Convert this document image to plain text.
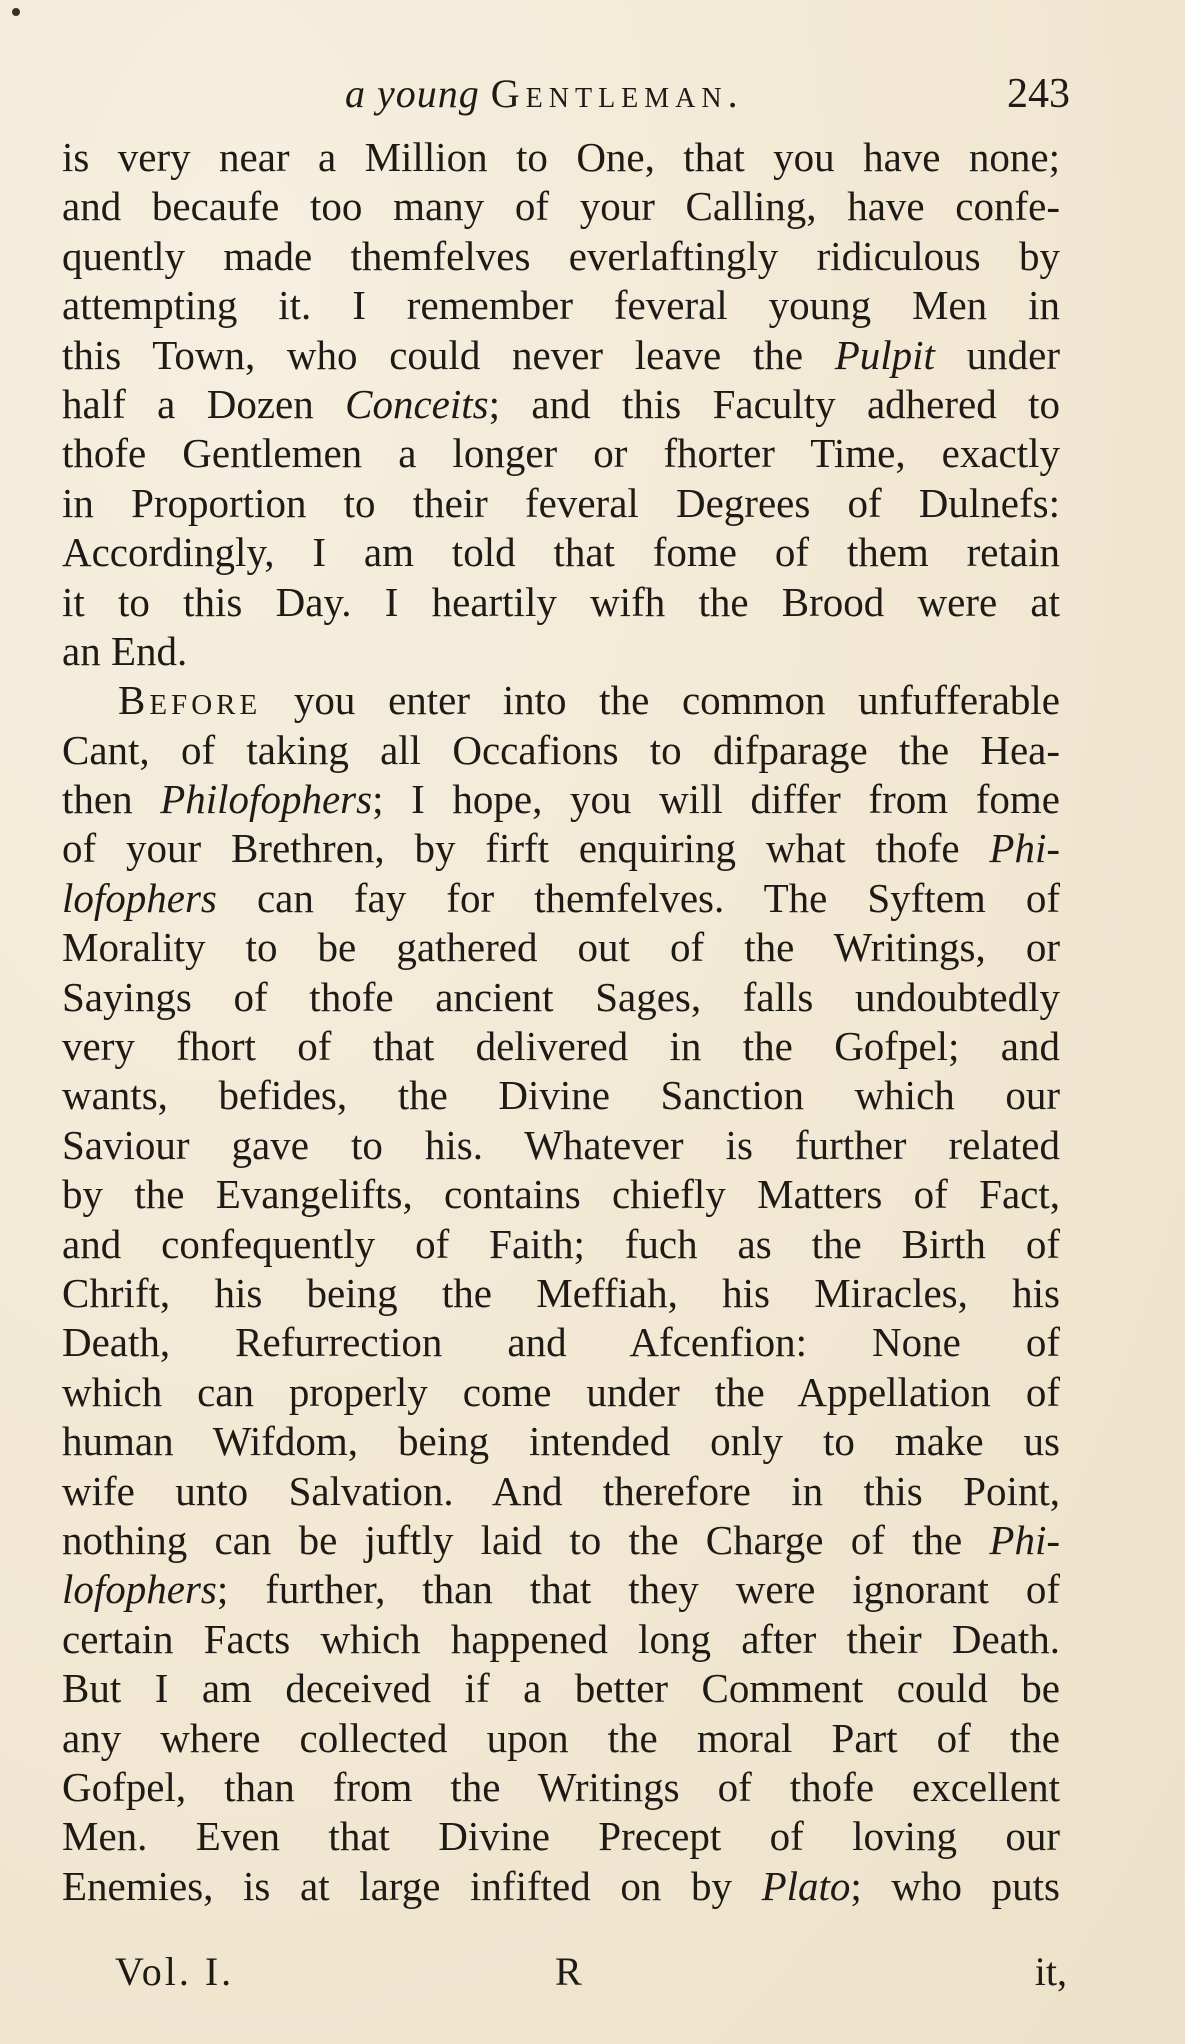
a young Gentleman.	243
is very near a Million to One, that you have none;
and becaufe too many of your Calling, have confe-
quently made themfelves everlaftingly ridiculous by
attempting it. I remember feveral young Men in
this Town, who could never leave the Pulpit under
half a Dozen Conceits; and this Faculty adhered to
thofe Gentlemen a longer or fhorter Time, exactly
in Proportion to their feveral Degrees of Dulnefs:
Accordingly, I am told that fome of them retain
it to this Day. I heartily wifh the Brood were at
an End.
Before you enter into the common unfufferable
Cant, of taking all Occafions to difparage the Hea-
then Philofophers; I hope, you will differ from fome
of your Brethren, by firft enquiring what thofe Phi-
lofophers can fay for themfelves. The Syftem of
Morality to be gathered out of the Writings, or
Sayings of thofe ancient Sages, falls undoubtedly
very fhort of that delivered in the Gofpel; and
wants, befides, the Divine Sanction which our
Saviour gave to his. Whatever is further related
by the Evangelifts, contains chiefly Matters of Fact,
and confequently of Faith; fuch as the Birth of
Chrift, his being the Meffiah, his Miracles, his
Death, Refurrection and Afcenfion: None of
which can properly come under the Appellation of
human Wifdom, being intended only to make us
wife unto Salvation. And therefore in this Point,
nothing can be juftly laid to the Charge of the Phi-
lofophers; further, than that they were ignorant of
certain Facts which happened long after their Death.
But I am deceived if a better Comment could be
any where collected upon the moral Part of the
Gofpel, than from the Writings of thofe excellent
Men. Even that Divine Precept of loving our
Enemies, is at large infifted on by Plato; who puts
Vol. I.	R	it,
